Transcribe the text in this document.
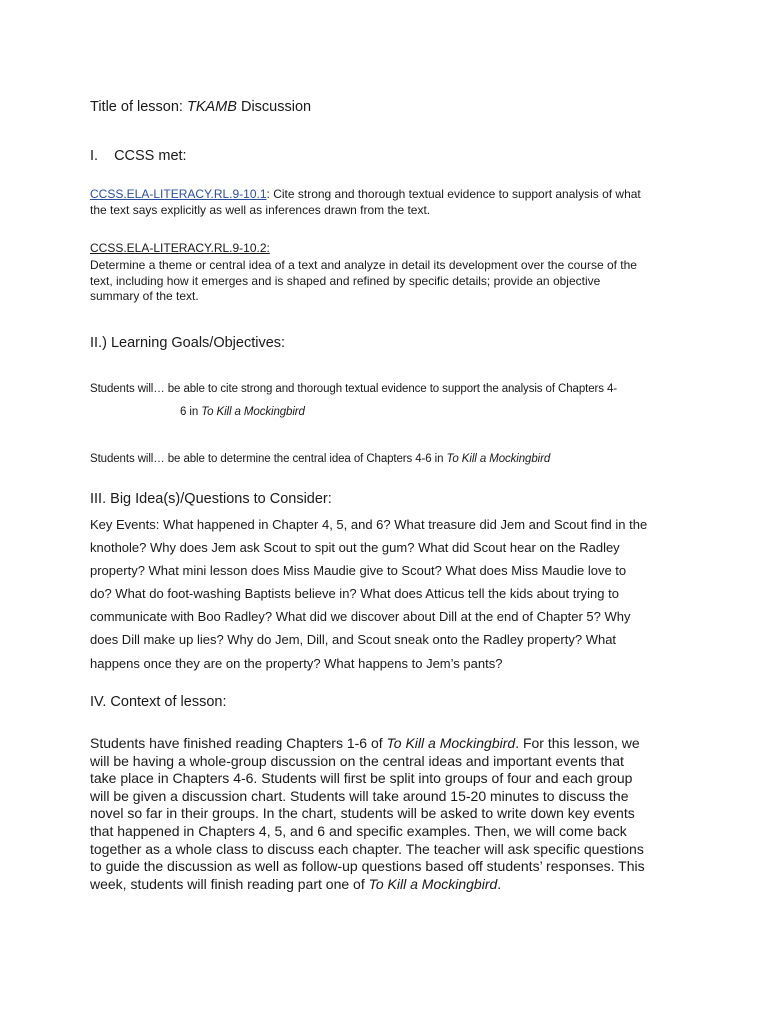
Title of lesson: TKAMB Discussion
I. CCSS met:
CCSS.ELA-LITERACY.RL.9-10.1: Cite strong and thorough textual evidence to support analysis of what the text says explicitly as well as inferences drawn from the text.
CCSS.ELA-LITERACY.RL.9-10.2:
Determine a theme or central idea of a text and analyze in detail its development over the course of the text, including how it emerges and is shaped and refined by specific details; provide an objective summary of the text.
II.) Learning Goals/Objectives:
Students will… be able to cite strong and thorough textual evidence to support the analysis of Chapters 4-
6 in To Kill a Mockingbird
Students will… be able to determine the central idea of Chapters 4-6 in To Kill a Mockingbird
III. Big Idea(s)/Questions to Consider:
Key Events: What happened in Chapter 4, 5, and 6? What treasure did Jem and Scout find in the knothole? Why does Jem ask Scout to spit out the gum? What did Scout hear on the Radley property? What mini lesson does Miss Maudie give to Scout? What does Miss Maudie love to do? What do foot-washing Baptists believe in? What does Atticus tell the kids about trying to communicate with Boo Radley? What did we discover about Dill at the end of Chapter 5? Why does Dill make up lies? Why do Jem, Dill, and Scout sneak onto the Radley property? What happens once they are on the property? What happens to Jem’s pants?
IV. Context of lesson:
Students have finished reading Chapters 1-6 of To Kill a Mockingbird. For this lesson, we will be having a whole-group discussion on the central ideas and important events that take place in Chapters 4-6. Students will first be split into groups of four and each group will be given a discussion chart. Students will take around 15-20 minutes to discuss the novel so far in their groups. In the chart, students will be asked to write down key events that happened in Chapters 4, 5, and 6 and specific examples. Then, we will come back together as a whole class to discuss each chapter. The teacher will ask specific questions to guide the discussion as well as follow-up questions based off students’ responses. This week, students will finish reading part one of To Kill a Mockingbird.
